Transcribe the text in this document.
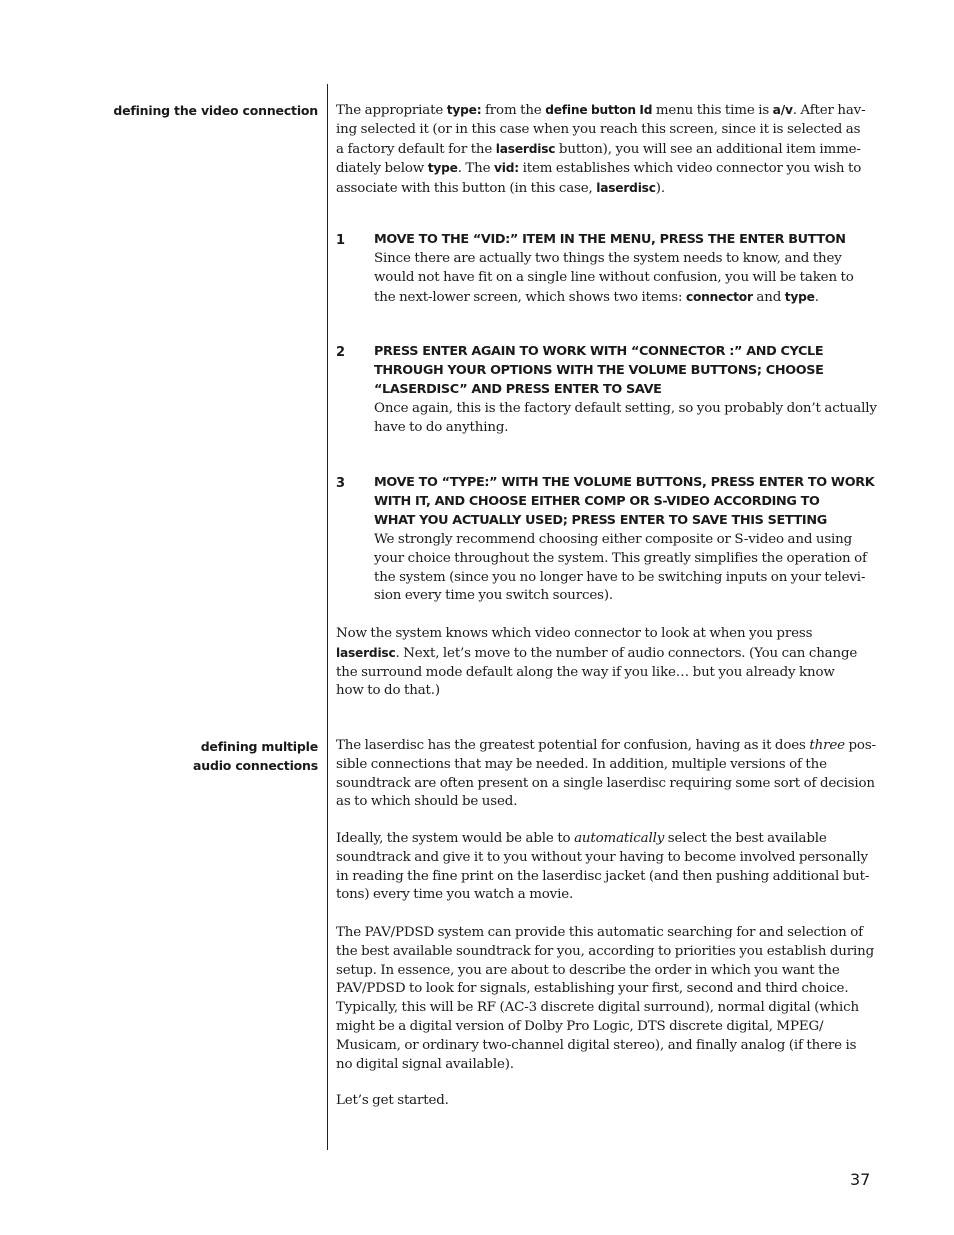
defining the video connection
defining multiple
audio connections
The appropriate type: from the define button Id menu this time is a/v. After hav-
ing selected it (or in this case when you reach this screen, since it is selected as
a factory default for the laserdisc button), you will see an additional item imme-
diately below type. The vid: item establishes which video connector you wish to
associate with this button (in this case, laserdisc).
1 MOVE TO THE “VID:” ITEM IN THE MENU, PRESS THE ENTER BUTTON
Since there are actually two things the system needs to know, and they
would not have fit on a single line without confusion, you will be taken to
the next-lower screen, which shows two items: connector and type.
2 PRESS ENTER AGAIN TO WORK WITH “CONNECTOR :” AND CYCLE
THROUGH YOUR OPTIONS WITH THE VOLUME BUTTONS; CHOOSE
“LASERDISC” AND PRESS ENTER TO SAVE
Once again, this is the factory default setting, so you probably don’t actually
have to do anything.
3 MOVE TO “TYPE:” WITH THE VOLUME BUTTONS, PRESS ENTER TO WORK
WITH IT, AND CHOOSE EITHER COMP OR S-VIDEO ACCORDING TO
WHAT YOU ACTUALLY USED; PRESS ENTER TO SAVE THIS SETTING
We strongly recommend choosing either composite or S-video and using
your choice throughout the system. This greatly simplifies the operation of
the system (since you no longer have to be switching inputs on your televi-
sion every time you switch sources).
Now the system knows which video connector to look at when you press
laserdisc. Next, let’s move to the number of audio connectors. (You can change
the surround mode default along the way if you like… but you already know
how to do that.)
The laserdisc has the greatest potential for confusion, having as it does three pos-
sible connections that may be needed. In addition, multiple versions of the
soundtrack are often present on a single laserdisc requiring some sort of decision
as to which should be used.
Ideally, the system would be able to automatically select the best available
soundtrack and give it to you without your having to become involved personally
in reading the fine print on the laserdisc jacket (and then pushing additional but-
tons) every time you watch a movie.
The PAV/PDSD system can provide this automatic searching for and selection of
the best available soundtrack for you, according to priorities you establish during
setup. In essence, you are about to describe the order in which you want the
PAV/PDSD to look for signals, establishing your first, second and third choice.
Typically, this will be RF (AC-3 discrete digital surround), normal digital (which
might be a digital version of Dolby Pro Logic, DTS discrete digital, MPEG/
Musicam, or ordinary two-channel digital stereo), and finally analog (if there is
no digital signal available).
Let’s get started.
37
